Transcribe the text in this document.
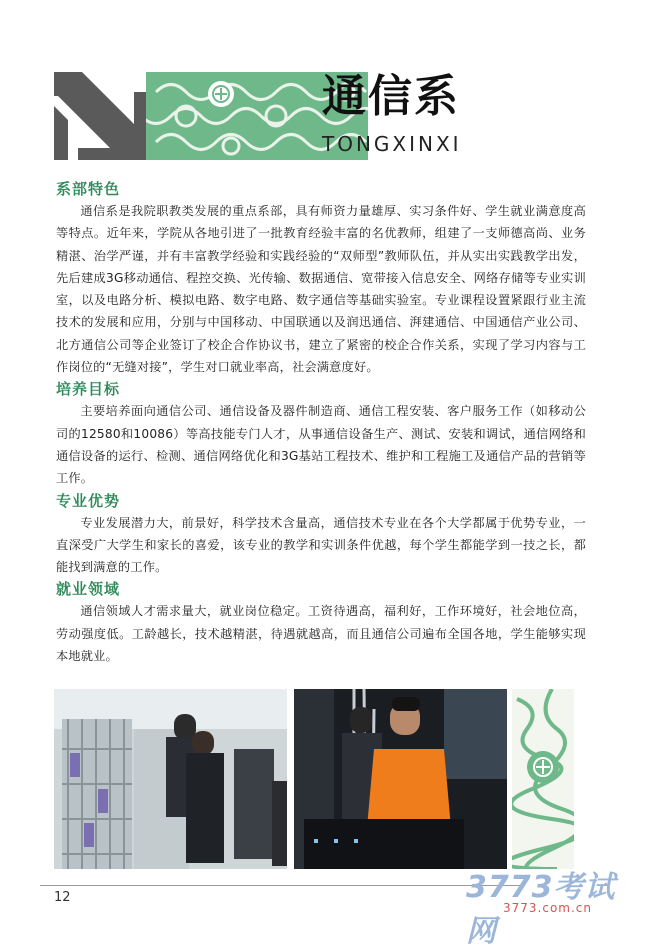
通信系
TONGXINXI
系部特色

通信系是我院职教类发展的重点系部，具有师资力量雄厚、实习条件好、学生就业满意度高等特点。近年来，学院从各地引进了一批教育经验丰富的名优教师，组建了一支师德高尚、业务精湛、治学严谨，并有丰富教学经验和实践经验的“双师型”教师队伍，并从实出实践教学出发，先后建成3G移动通信、程控交换、光传输、数据通信、宽带接入信息安全、网络存储等专业实训室，以及电路分析、模拟电路、数字电路、数字通信等基础实验室。专业课程设置紧跟行业主流技术的发展和应用，分别与中国移动、中国联通以及润迅通信、湃建通信、中国通信产业公司、北方通信公司等企业签订了校企合作协议书，建立了紧密的校企合作关系，实现了学习内容与工作岗位的“无缝对接”，学生对口就业率高，社会满意度好。

培养目标

主要培养面向通信公司、通信设备及器件制造商、通信工程安装、客户服务工作（如移动公司的12580和10086）等高技能专门人才，从事通信设备生产、测试、安装和调试，通信网络和通信设备的运行、检测、通信网络优化和3G基站工程技术、维护和工程施工及通信产品的营销等工作。

专业优势

专业发展潜力大，前景好，科学技术含量高，通信技术专业在各个大学都属于优势专业，一直深受广大学生和家长的喜爱，该专业的教学和实训条件优越，每个学生都能学到一技之长，都能找到满意的工作。

就业领域

通信领域人才需求量大，就业岗位稳定。工资待遇高，福利好，工作环境好，社会地位高，劳动强度低。工龄越长，技术越精湛，待遇就越高，而且通信公司遍布全国各地，学生能够实现本地就业。

12	3773考试网
3773.com.cn
